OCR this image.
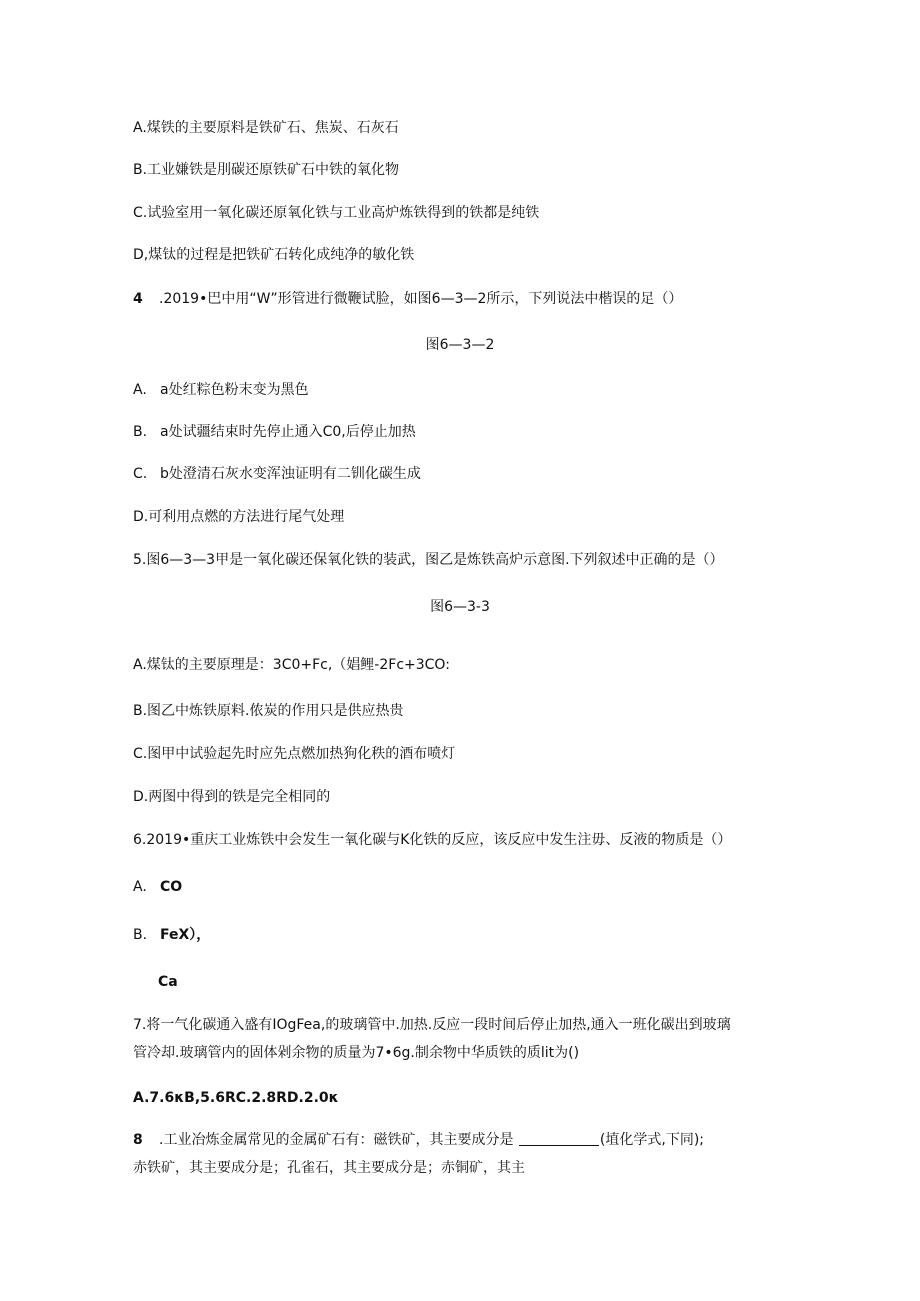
A.煤铁的主要原料是铁矿石、焦炭、石灰石
B.工业嫌铁是刖碳还原铁矿石中铁的氧化物
C.试验室用一氧化碳还原氧化铁与工业高炉炼铁得到的铁都是纯铁
D,煤钛的过程是把铁矿石转化成纯净的敏化铁
4 .2019•巴中用“W”形管进行微鞭试脸，如图6—3—2所示，下列说法中楷误的足（）
图6—3—2
A. a处红粽色粉末变为黑色
B. a处试疆结束时先停止通入C0,后停止加热
C. b处澄清石灰水变浑浊证明有二钏化碳生成
D.可利用点燃的方法进行尾气处理
5.图6—3—3甲是一氧化碳还保氧化铁的装武，图乙是炼铁高炉示意图.下列叙述中正确的是（）
图6—3-3
A.煤钛的主要原理是：3C0+Fc,（娼鲤-2Fc+3CO:
B.图乙中炼铁原料.侬炭的作用只是供应热贵
C.图甲中试验起先时应先点燃加热狗化秩的酒布喷灯
D.两图中得到的铁是完全相同的
6.2019•重庆工业炼铁中会发生一氧化碳与K化铁的反应，该反应中发生注毋、反液的物质是（）
A. CO
B. FeX），
Ca
7.将一气化碳通入盛有IOgFea,的玻璃管中.加热.反应一段时间后停止加热,通入一班化碳出到玻璃
管冷却.玻璃管内的固体剁余物的质量为7•6g.制余物中华质铁的质lit为()
A.7.6κB,5.6RC.2.8RD.2.0κ
8 .工业冶炼金属常见的金属矿石有：磁铁矿，其主要成分是	(埴化学式,下同);
赤铁矿，其主要成分是；孔雀石，其主要成分是；赤铜矿，其主
